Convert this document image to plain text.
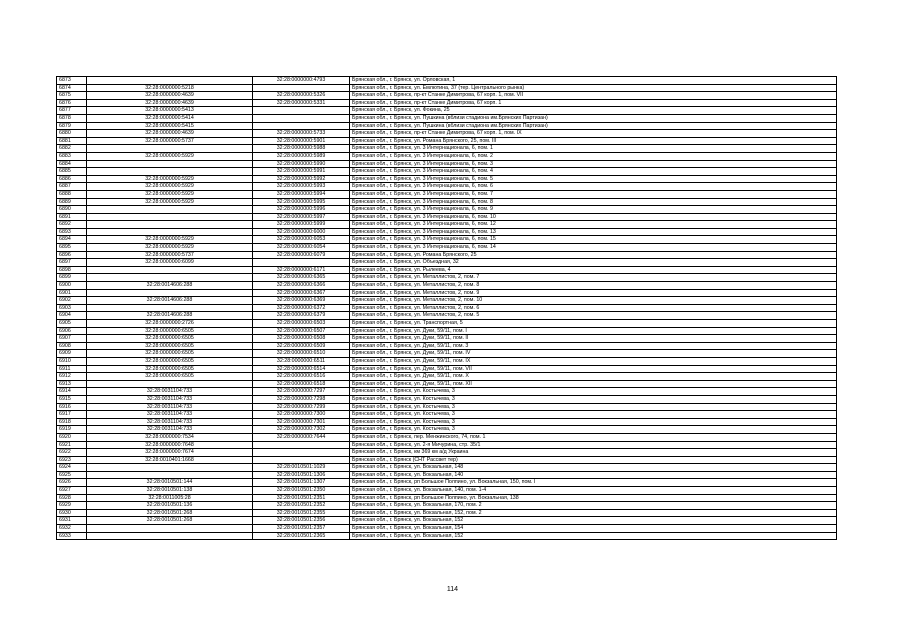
6873		32:28:0000000:4793	Брянская обл., г. Брянск, ул. Орловская, 1
6874	32:28:0000000:5218		Брянская обл., г. Брянск, ул. Емлютина, 37 (тер. Центрального рынка)
6875	32:28:0000000:4639	32:28:0000000:5326	Брянская обл., г. Брянск, пр-кт Станке Димитрова, 67 корп. 1, пом. VII
6876	32:28:0000000:4639	32:28:0000000:5331	Брянская обл., г. Брянск, пр-кт Станке Димитрова, 67 корп. 1
6877	32:28:0000000:5413		Брянская обл., г. Брянск, ул. Фокина, 25
6878	32:28:0000000:5414		Брянская обл., г. Брянск, ул. Пушкина (вблизи стадиона им.Брянских Партизан)
6879	32:28:0000000:5415		Брянская обл., г. Брянск, ул. Пушкина (вблизи стадиона им.Брянских Партизан)
6880	32:28:0000000:4639	32:28:0000000:5733	Брянская обл., г. Брянск, пр-кт Станке Димитрова, 67 корп. 1, пом. IX
6881	32:28:0000000:5737	32:28:0000000:5901	Брянская обл., г. Брянск, ул. Романа Брянского, 25, пом. III
6882		32:28:0000000:5988	Брянская обл., г. Брянск, ул. 3 Интернационала, 6, пом. 1
6883	32:28:0000000:5929	32:28:0000000:5989	Брянская обл., г. Брянск, ул. 3 Интернационала, 6, пом. 2
6884		32:28:0000000:5990	Брянская обл., г. Брянск, ул. 3 Интернационала, 6, пом. 3
6885		32:28:0000000:5991	Брянская обл., г. Брянск, ул. 3 Интернационала, 6, пом. 4
6886	32:28:0000000:5929	32:28:0000000:5992	Брянская обл., г. Брянск, ул. 3 Интернационала, 6, пом. 5
6887	32:28:0000000:5929	32:28:0000000:5993	Брянская обл., г. Брянск, ул. 3 Интернационала, 6, пом. 6
6888	32:28:0000000:5929	32:28:0000000:5994	Брянская обл., г. Брянск, ул. 3 Интернационала, 6, пом. 7
6889	32:28:0000000:5929	32:28:0000000:5995	Брянская обл., г. Брянск, ул. 3 Интернационала, 6, пом. 8
6890		32:28:0000000:5996	Брянская обл., г. Брянск, ул. 3 Интернационала, 6, пом. 9
6891		32:28:0000000:5997	Брянская обл., г. Брянск, ул. 3 Интернационала, 6, пом. 10
6892		32:28:0000000:5999	Брянская обл., г. Брянск, ул. 3 Интернационала, 6, пом. 12
6893		32:28:0000000:6000	Брянская обл., г. Брянск, ул. 3 Интернационала, 6, пом. 13
6894	32:28:0000000:5929	32:28:0000000:6053	Брянская обл., г. Брянск, ул. 3 Интернационала, 6, пом. 15
6895	32:28:0000000:5929	32:28:0000000:6054	Брянская обл., г. Брянск, ул. 3 Интернационала, 6, пом. 14
6896	32:28:0000000:5737	32:28:0000000:6079	Брянская обл., г. Брянск, ул. Романа Брянского, 25
6897	32:28:0000000:6099		Брянская обл., г. Брянск, ул. Объездная, 32
6898		32:28:0000000:6171	Брянская обл., г. Брянск, ул. Рылеева, 4
6899		32:28:0000000:6365	Брянская обл., г. Брянск, ул. Металлистов, 2, пом. 7
6900	32:28:0014606:288	32:28:0000000:6366	Брянская обл., г. Брянск, ул. Металлистов, 2, пом. 8
6901		32:28:0000000:6367	Брянская обл., г. Брянск, ул. Металлистов, 2, пом. 9
6902	32:28:0014606:288	32:28:0000000:6369	Брянская обл., г. Брянск, ул. Металлистов, 2, пом. 10
6903		32:28:0000000:6372	Брянская обл., г. Брянск, ул. Металлистов, 2, пом. 6
6904	32:28:0014606:288	32:28:0000000:6379	Брянская обл., г. Брянск, ул. Металлистов, 2, пом. 5
6905	32:28:0000000:2726	32:28:0000000:6503	Брянская обл., г. Брянск, ул. Транспортная, 5
6906	32:28:0000000:6505	32:28:0000000:6507	Брянская обл., г. Брянск, ул. Дуки, 59/11, пом. I
6907	32:28:0000000:6505	32:28:0000000:6508	Брянская обл., г. Брянск, ул. Дуки, 59/11, пом. II
6908	32:28:0000000:6505	32:28:0000000:6509	Брянская обл., г. Брянск, ул. Дуки, 59/11, пом. 3
6909	32:28:0000000:6505	32:28:0000000:6510	Брянская обл., г. Брянск, ул. Дуки, 59/11, пом. IV
6910	32:28:0000000:6505	32:28:0000000:6511	Брянская обл., г. Брянск, ул. Дуки, 59/11, пом. IX
6911	32:28:0000000:6505	32:28:0000000:6514	Брянская обл., г. Брянск, ул. Дуки, 59/11, пом. VII
6912	32:28:0000000:6505	32:28:0000000:6516	Брянская обл., г. Брянск, ул. Дуки, 59/11, пом. X
6913		32:28:0000000:6518	Брянская обл., г. Брянск, ул. Дуки, 59/11, пом. XII
6914	32:28:0031104:733	32:28:0000000:7297	Брянская обл., г. Брянск, ул. Костычева, 3
6915	32:28:0031104:733	32:28:0000000:7298	Брянская обл., г. Брянск, ул. Костычева, 3
6916	32:28:0031104:733	32:28:0000000:7299	Брянская обл., г. Брянск, ул. Костычева, 3
6917	32:28:0031104:733	32:28:0000000:7300	Брянская обл., г. Брянск, ул. Костычева, 3
6918	32:28:0031104:733	32:28:0000000:7301	Брянская обл., г. Брянск, ул. Костычева, 3
6919	32:28:0031104:733	32:28:0000000:7302	Брянская обл., г. Брянск, ул. Костычева, 3
6920	32:28:0000000:7534	32:28:0000000:7644	Брянская обл., г. Брянск, пер. Менжинского, 74, пом. 1
6921	32:28:0000000:7648		Брянская обл., г. Брянск, ул. 2-я Мичурина, стр. 35/1
6922	32:28:0000000:7674		Брянская обл., г. Брянск, км 369 км а/д Украина
6923	32:28:0010401:1668		Брянская обл., г. Брянск (СНТ Рассвет тер)
6924		32:28:0010501:1029	Брянская обл., г. Брянск, ул. Вокзальная, 148
6925		32:28:0010501:1306	Брянская обл., г. Брянск, ул. Вокзальная, 140
6926	32:28:0010501:144	32:28:0010501:1307	Брянская обл., г. Брянск, рп Большое Полпино, ул. Вокзальная, 150, пом. I
6927	32:28:0010501:138	32:28:0010501:2350	Брянская обл., г. Брянск, ул. Вокзальная, 140, пом. 1-4
6928	32:28:0011005:28	32:28:0010501:2351	Брянская обл., г. Брянск, рп Большое Полпино, ул. Вокзальная, 138
6929	32:28:0010501:136	32:28:0010501:2352	Брянская обл., г. Брянск, ул. Вокзальная, 170, пом. 2
6930	32:28:0010501:268	32:28:0010501:2355	Брянская обл., г. Брянск, ул. Вокзальная, 152, пом. 2
6931	32:28:0010501:268	32:28:0010501:2356	Брянская обл., г. Брянск, ул. Вокзальная, 152
6932		32:28:0010501:2357	Брянская обл., г. Брянск, ул. Вокзальная, 154
6933		32:28:0010501:2365	Брянская обл., г. Брянск, ул. Вокзальная, 152
114
